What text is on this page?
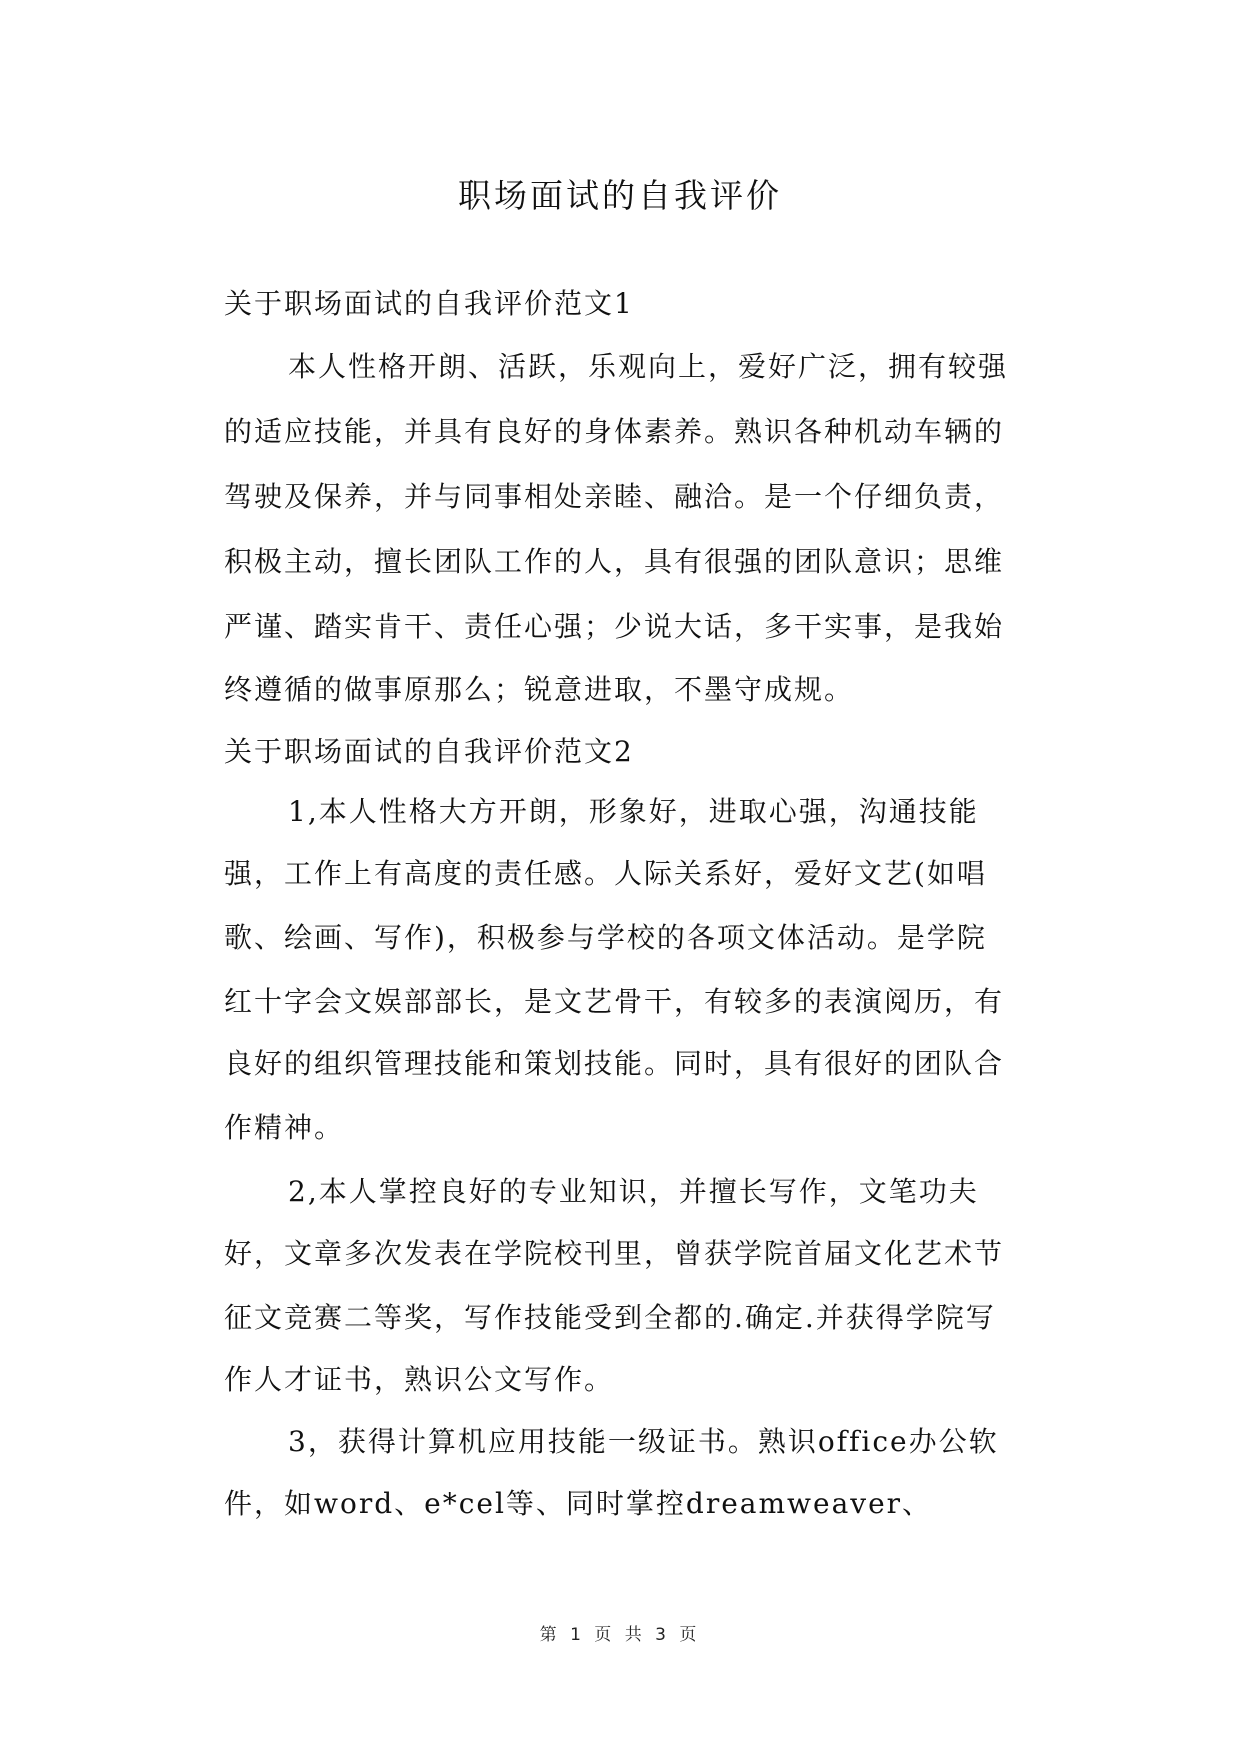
职场面试的自我评价
关于职场面试的自我评价范文1
本人性格开朗、活跃，乐观向上，爱好广泛，拥有较强
的适应技能，并具有良好的身体素养。熟识各种机动车辆的
驾驶及保养，并与同事相处亲睦、融洽。是一个仔细负责，
积极主动，擅长团队工作的人，具有很强的团队意识；思维
严谨、踏实肯干、责任心强；少说大话，多干实事，是我始
终遵循的做事原那么；锐意进取，不墨守成规。
关于职场面试的自我评价范文2
1,本人性格大方开朗，形象好，进取心强，沟通技能
强，工作上有高度的责任感。人际关系好，爱好文艺(如唱
歌、绘画、写作)，积极参与学校的各项文体活动。是学院
红十字会文娱部部长，是文艺骨干，有较多的表演阅历，有
良好的组织管理技能和策划技能。同时，具有很好的团队合
作精神。
2,本人掌控良好的专业知识，并擅长写作，文笔功夫
好，文章多次发表在学院校刊里，曾获学院首届文化艺术节
征文竞赛二等奖，写作技能受到全都的.确定.并获得学院写
作人才证书，熟识公文写作。
3，获得计算机应用技能一级证书。熟识office办公软
件，如word、e*cel等、同时掌控dreamweaver、
第 1 页 共 3 页
